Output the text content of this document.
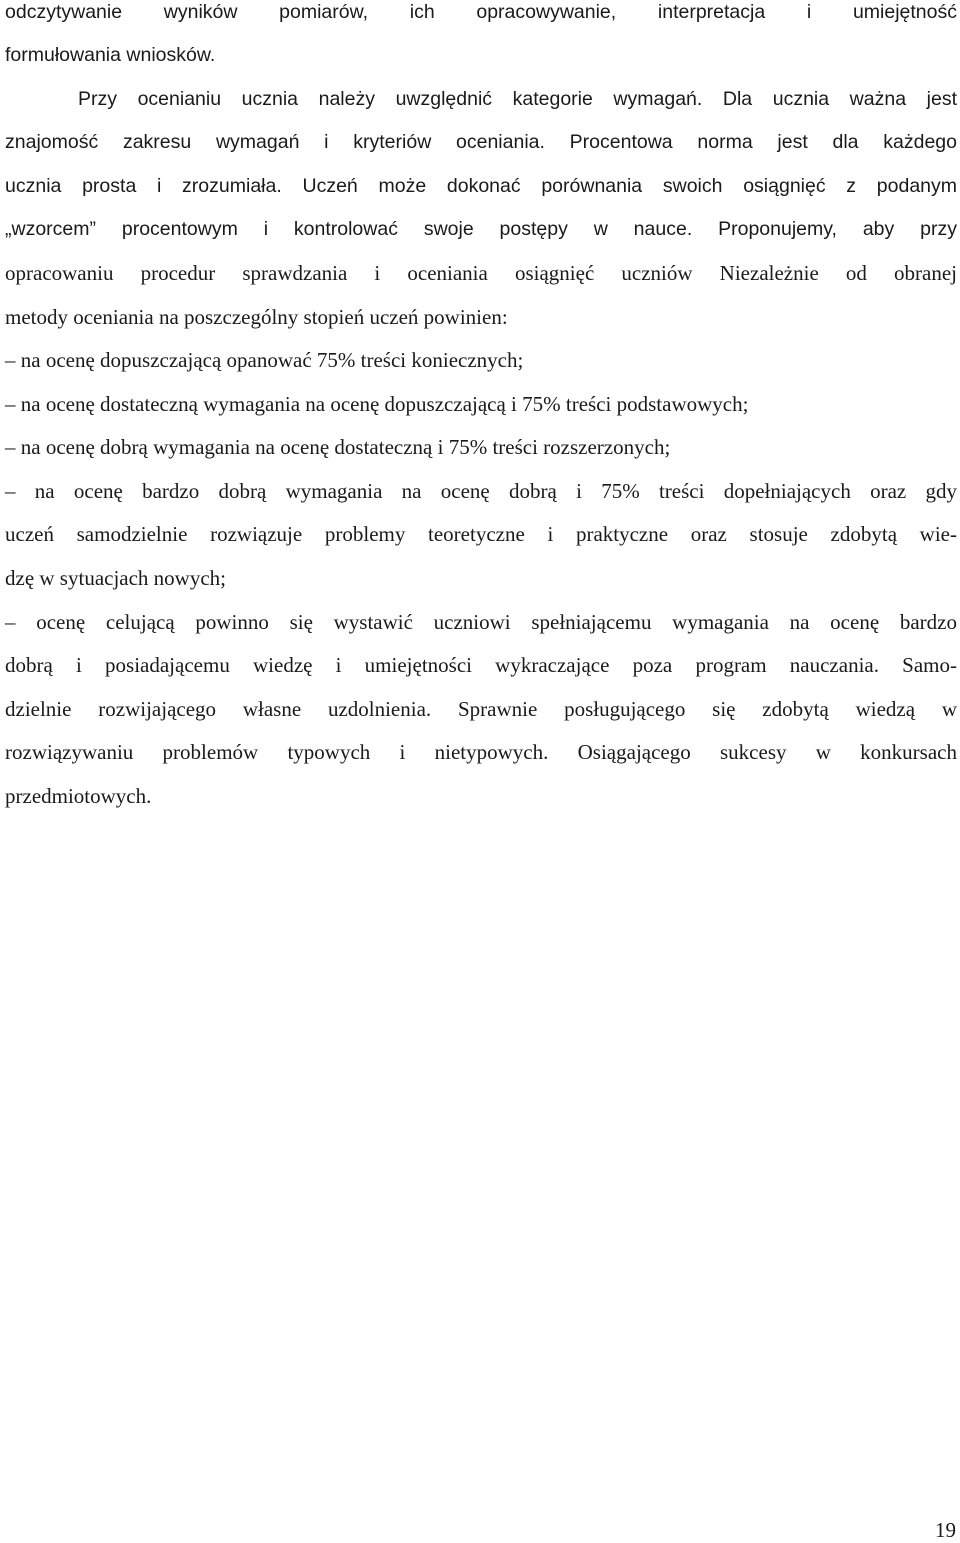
odczytywanie wyników pomiarów, ich opracowywanie, interpretacja i umiejętność
formułowania wniosków.
Przy ocenianiu ucznia należy uwzględnić kategorie wymagań. Dla ucznia ważna jest
znajomość zakresu wymagań i kryteriów oceniania. Procentowa norma jest dla każdego
ucznia prosta i zrozumiała. Uczeń może dokonać porównania swoich osiągnięć z podanym
„wzorcem” procentowym i kontrolować swoje postępy w nauce. Proponujemy, aby przy
opracowaniu procedur sprawdzania i oceniania osiągnięć uczniów Niezależnie od obranej
metody oceniania na poszczególny stopień uczeń powinien:
– na ocenę dopuszczającą opanować 75% treści koniecznych;
– na ocenę dostateczną wymagania na ocenę dopuszczającą i 75% treści podstawowych;
– na ocenę dobrą wymagania na ocenę dostateczną i 75% treści rozszerzonych;
– na ocenę bardzo dobrą wymagania na ocenę dobrą i 75% treści dopełniających oraz gdy
uczeń samodzielnie rozwiązuje problemy teoretyczne i praktyczne oraz stosuje zdobytą wie-
dzę w sytuacjach nowych;
– ocenę celującą powinno się wystawić uczniowi spełniającemu wymagania na ocenę bardzo
dobrą i posiadającemu wiedzę i umiejętności wykraczające poza program nauczania. Samo-
dzielnie rozwijającego własne uzdolnienia. Sprawnie posługującego się zdobytą wiedzą w
rozwiązywaniu problemów typowych i nietypowych. Osiągającego sukcesy w konkursach
przedmiotowych.
19
